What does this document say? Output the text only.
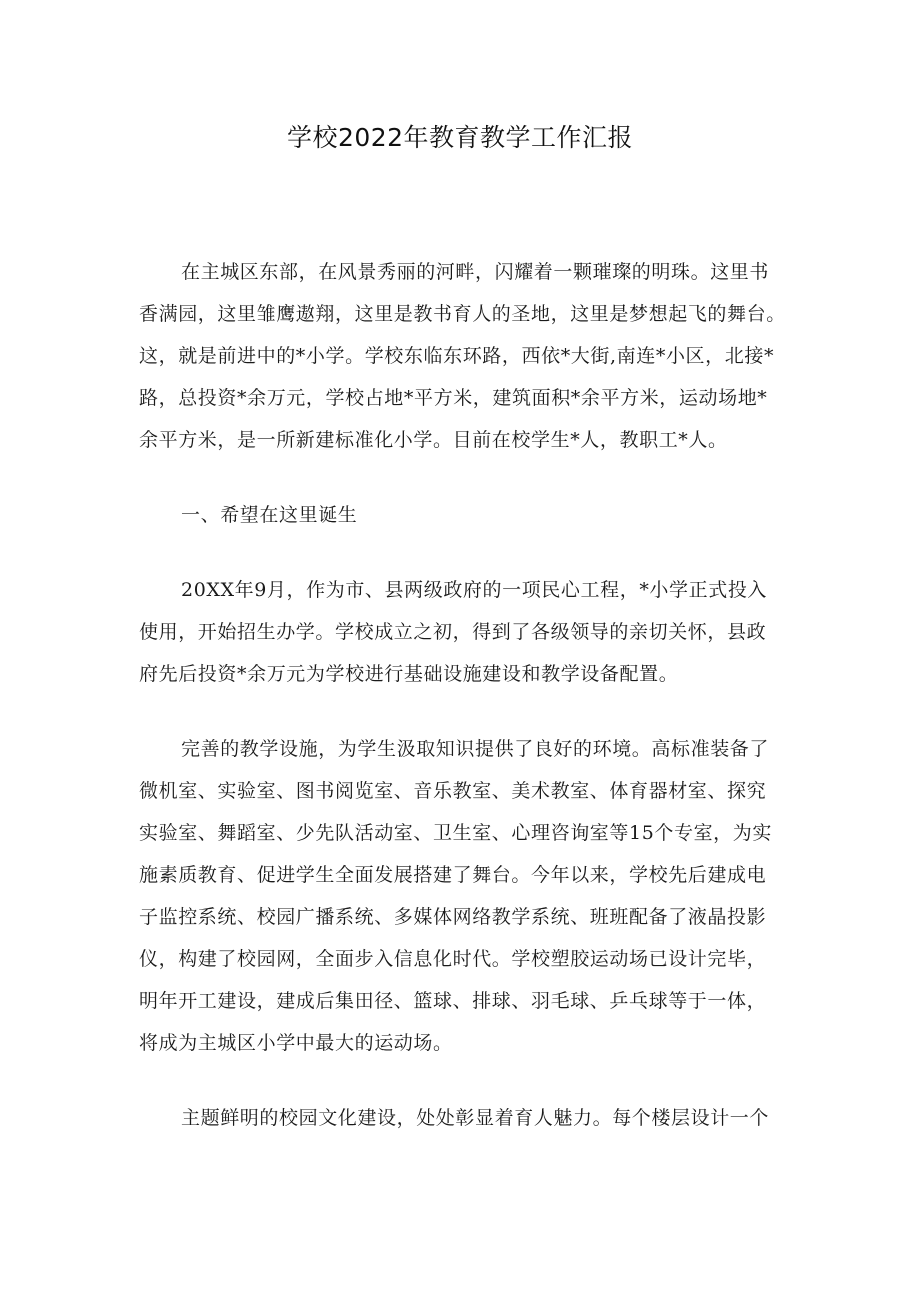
学校2022年教育教学工作汇报
在主城区东部，在风景秀丽的河畔，闪耀着一颗璀璨的明珠。这里书
香满园，这里雏鹰遨翔，这里是教书育人的圣地，这里是梦想起飞的舞台。
这，就是前进中的*小学。学校东临东环路，西依*大街,南连*小区，北接*
路，总投资*余万元，学校占地*平方米，建筑面积*余平方米，运动场地*
余平方米，是一所新建标准化小学。目前在校学生*人，教职工*人。
一、希望在这里诞生
20XX年9月，作为市、县两级政府的一项民心工程，*小学正式投入
使用，开始招生办学。学校成立之初，得到了各级领导的亲切关怀，县政
府先后投资*余万元为学校进行基础设施建设和教学设备配置。
完善的教学设施，为学生汲取知识提供了良好的环境。高标准装备了
微机室、实验室、图书阅览室、音乐教室、美术教室、体育器材室、探究
实验室、舞蹈室、少先队活动室、卫生室、心理咨询室等15个专室，为实
施素质教育、促进学生全面发展搭建了舞台。今年以来，学校先后建成电
子监控系统、校园广播系统、多媒体网络教学系统、班班配备了液晶投影
仪，构建了校园网，全面步入信息化时代。学校塑胶运动场已设计完毕，
明年开工建设，建成后集田径、篮球、排球、羽毛球、乒乓球等于一体，
将成为主城区小学中最大的运动场。
主题鲜明的校园文化建设，处处彰显着育人魅力。每个楼层设计一个
